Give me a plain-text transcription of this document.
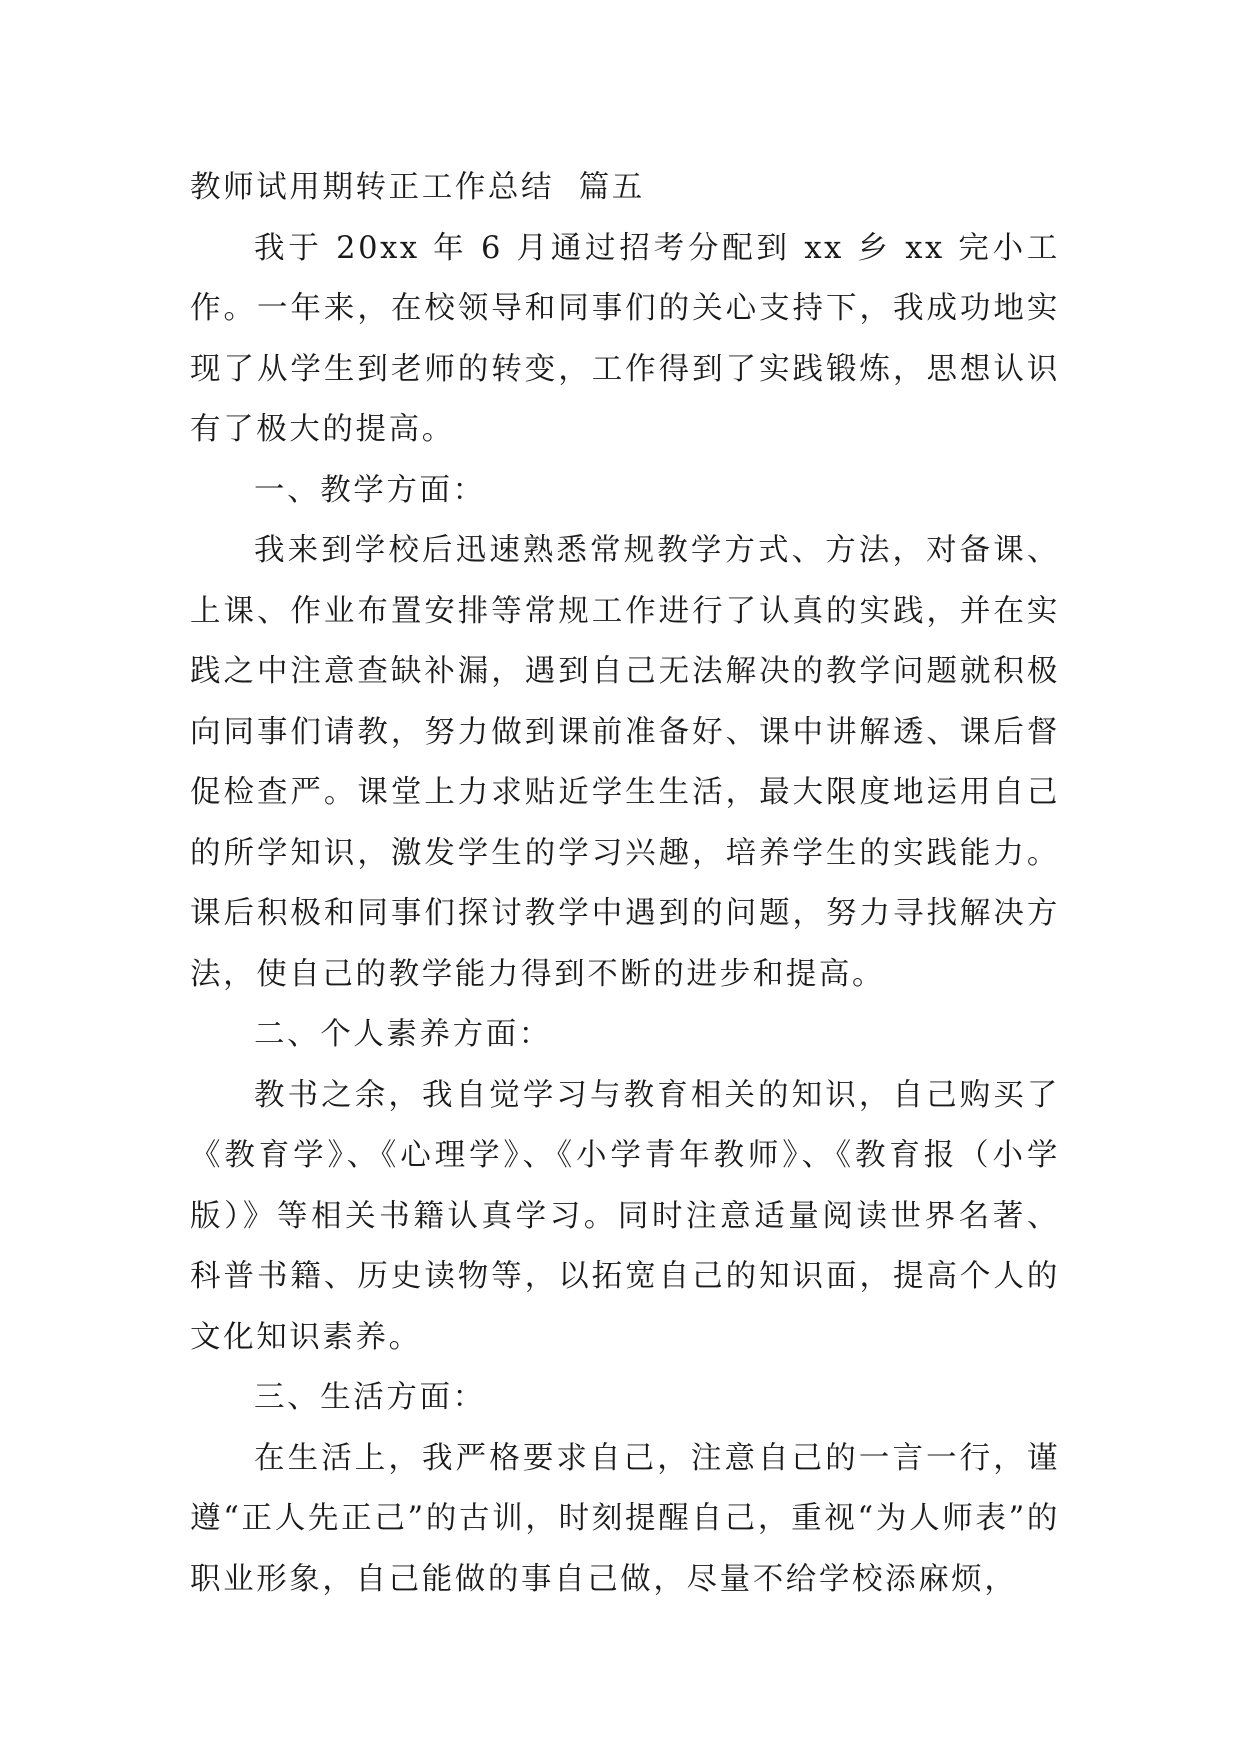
教师试用期转正工作总结  篇五

我于 20xx 年 6 月通过招考分配到 xx 乡 xx 完小工作。一年来，在校领导和同事们的关心支持下，我成功地实现了从学生到老师的转变，工作得到了实践锻炼，思想认识有了极大的提高。

一、教学方面：

我来到学校后迅速熟悉常规教学方式、方法，对备课、上课、作业布置安排等常规工作进行了认真的实践，并在实践之中注意查缺补漏，遇到自己无法解决的教学问题就积极向同事们请教，努力做到课前准备好、课中讲解透、课后督促检查严。课堂上力求贴近学生生活，最大限度地运用自己的所学知识，激发学生的学习兴趣，培养学生的实践能力。课后积极和同事们探讨教学中遇到的问题，努力寻找解决方法，使自己的教学能力得到不断的进步和提高。

二、个人素养方面：

教书之余，我自觉学习与教育相关的知识，自己购买了《教育学》、《心理学》、《小学青年教师》、《教育报（小学版）》等相关书籍认真学习。同时注意适量阅读世界名著、科普书籍、历史读物等，以拓宽自己的知识面，提高个人的文化知识素养。

三、生活方面：

在生活上，我严格要求自己，注意自己的一言一行，谨遵“正人先正己”的古训，时刻提醒自己，重视“为人师表”的职业形象，自己能做的事自己做，尽量不给学校添麻烦，
